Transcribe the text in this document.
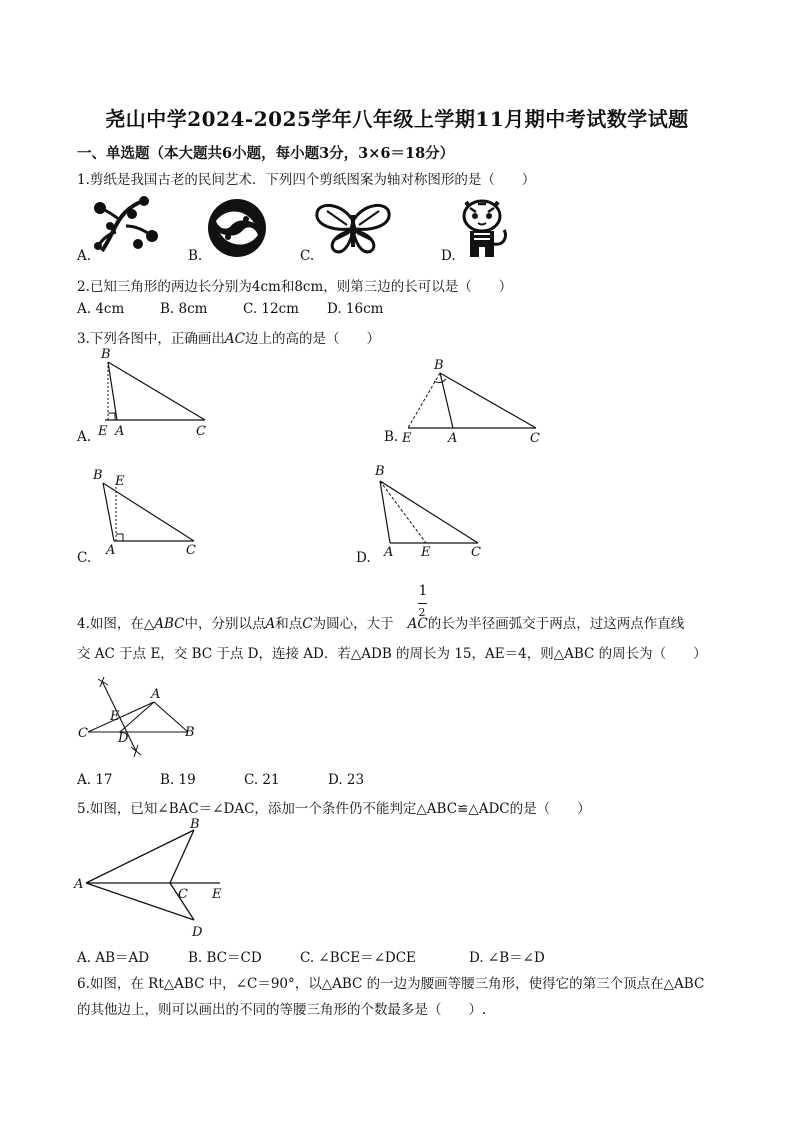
尧山中学2024-2025学年八年级上学期11月期中考试数学试题
一、单选题（本大题共6小题，每小题3分，3×6＝18分）
1.剪纸是我国古老的民间艺术．下列四个剪纸图案为轴对称图形的是（　　）
A.	B.	C.	D.
2.已知三角形的两边长分别为4cm和8cm，则第三边的长可以是（　　）
A. 4cm	B. 8cm	C. 12cm D. 16cm
3.下列各图中，正确画出AC边上的高的是（　　）
B
E A	C
A.
B
E	A	C
B.
B E
A	C
C.
B
A E	C
D.
4.如图，在△ABC中，分别以点A和点C为圆心，大于 AC的长为半径画弧交于两点，过这两点作直线
1
2
交 AC 于点 E，交 BC 于点 D，连接 AD．若△ADB 的周长为 15，AE＝4，则△ABC 的周长为（　　）
A
B
C D
E
A. 17	B. 19	C. 21	D. 23
5.如图，已知∠BAC＝∠DAC，添加一个条件仍不能判定△ABC≌△ADC的是（　　）
B
A
C E
D
A. AB＝AD	B. BC＝CD	C. ∠BCE＝∠DCE	D. ∠B＝∠D
6.如图，在 Rt△ABC 中，∠C＝90°，以△ABC 的一边为腰画等腰三角形，使得它的第三个顶点在△ABC
的其他边上，则可以画出的不同的等腰三角形的个数最多是（　　）.
